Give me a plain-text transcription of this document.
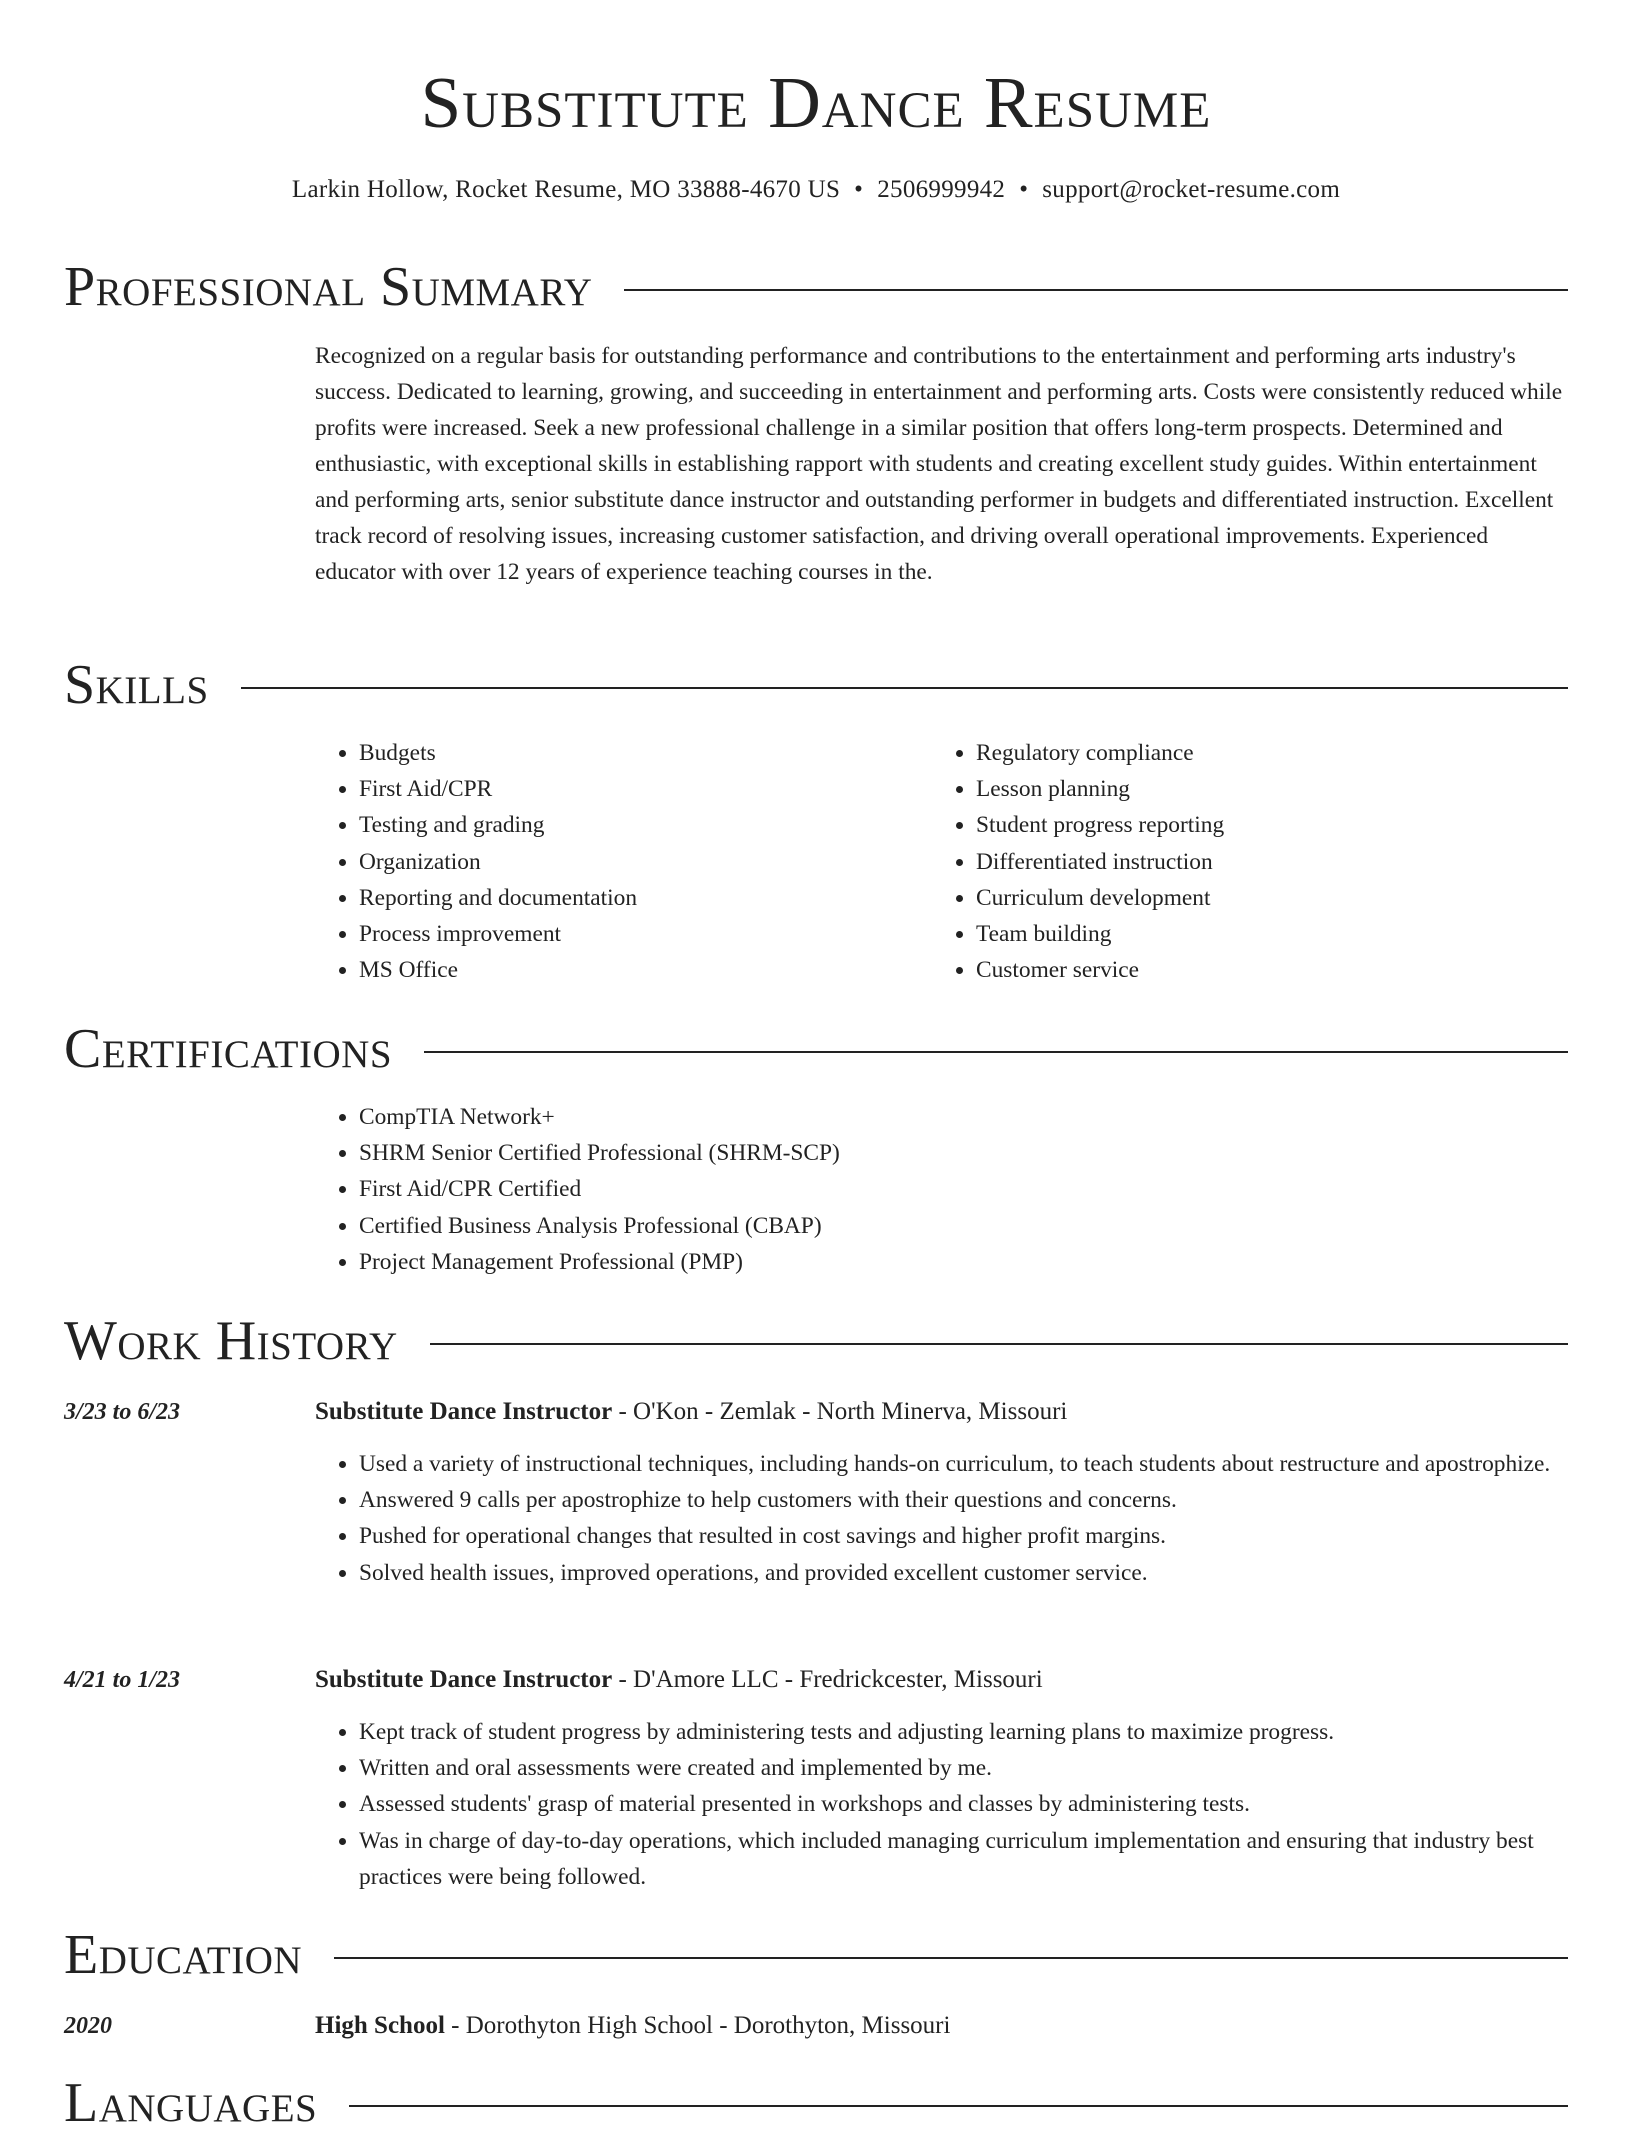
Substitute Dance Resume
Larkin Hollow, Rocket Resume, MO 33888-4670 US • 2506999942 • support@rocket-resume.com
Professional Summary

Recognized on a regular basis for outstanding performance and contributions to the entertainment and performing arts industry's success. Dedicated to learning, growing, and succeeding in entertainment and performing arts. Costs were consistently reduced while profits were increased. Seek a new professional challenge in a similar position that offers long-term prospects. Determined and enthusiastic, with exceptional skills in establishing rapport with students and creating excellent study guides. Within entertainment and performing arts, senior substitute dance instructor and outstanding performer in budgets and differentiated instruction. Excellent track record of resolving issues, increasing customer satisfaction, and driving overall operational improvements. Experienced educator with over 12 years of experience teaching courses in the.

Skills
• Budgets
• First Aid/CPR
• Testing and grading
• Organization
• Reporting and documentation
• Process improvement
• MS Office
• Regulatory compliance
• Lesson planning
• Student progress reporting
• Differentiated instruction
• Curriculum development
• Team building
• Customer service
Certifications
• CompTIA Network+
• SHRM Senior Certified Professional (SHRM-SCP)
• First Aid/CPR Certified
• Certified Business Analysis Professional (CBAP)
• Project Management Professional (PMP)
Work History
3/23 to 6/23	Substitute Dance Instructor - O'Kon - Zemlak - North Minerva, Missouri
• Used a variety of instructional techniques, including hands-on curriculum, to teach students about restructure and apostrophize.
• Answered 9 calls per apostrophize to help customers with their questions and concerns.
• Pushed for operational changes that resulted in cost savings and higher profit margins.
• Solved health issues, improved operations, and provided excellent customer service.
4/21 to 1/23	Substitute Dance Instructor - D'Amore LLC - Fredrickcester, Missouri
• Kept track of student progress by administering tests and adjusting learning plans to maximize progress.
• Written and oral assessments were created and implemented by me.
• Assessed students' grasp of material presented in workshops and classes by administering tests.
• Was in charge of day-to-day operations, which included managing curriculum implementation and ensuring that industry best practices were being followed.
Education
2020	High School - Dorothyton High School - Dorothyton, Missouri
Languages
